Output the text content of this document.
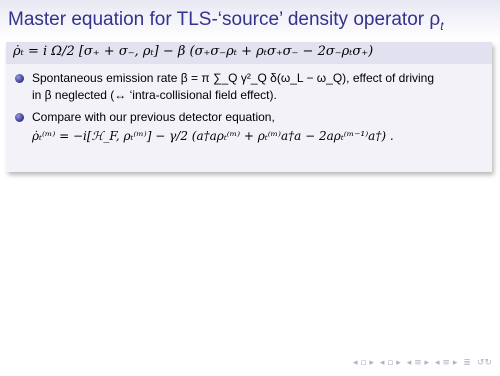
Master equation for TLS-‘source’ density operator $\rho_t$
ρ̇ₜ = i Ω/2 [σ₊ + σ₋, ρₜ] − β (σ₊σ₋ρₜ + ρₜσ₊σ₋ − 2σ₋ρₜσ₊)
Spontaneous emission rate β = π ∑_Q γ²_Q δ(ω_L − ω_Q), effect of driving
in β neglected (↔ ‘intra-collisional field effect).
Compare with our previous detector equation,
ρ̇ₜ⁽ᵐ⁾ = −i[ℋ_F, ρₜ⁽ᵐ⁾] − γ/2 (a†aρₜ⁽ᵐ⁾ + ρₜ⁽ᵐ⁾a†a − 2aρₜ⁽ᵐ⁻¹⁾a†) .
◂ ▫ ▸ ◂ ▫ ▸ ◂ ≡ ▸ ◂ ≡ ▸ ≣ ↺↻
